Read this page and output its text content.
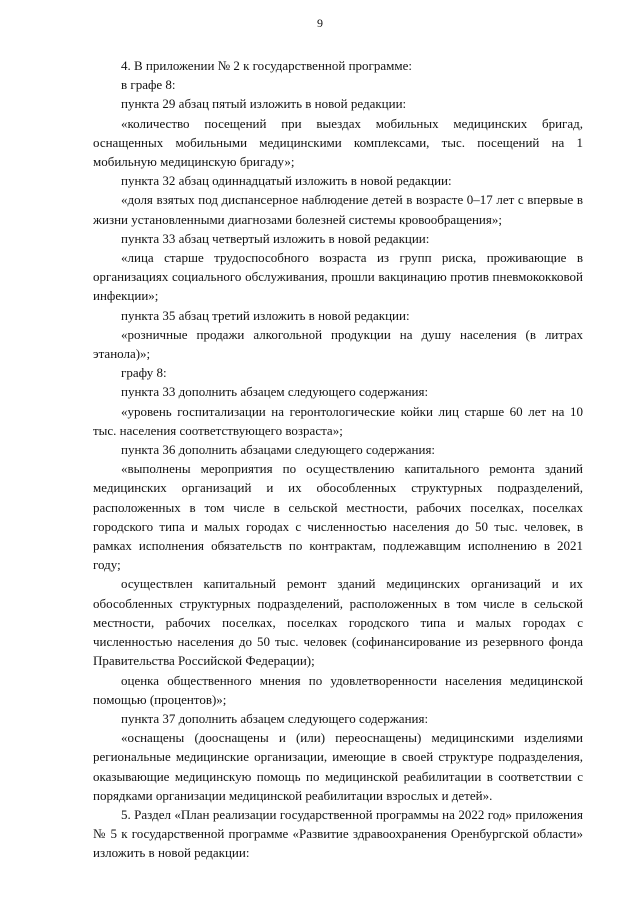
9

4. В приложении № 2 к государственной программе:

в графе 8:

пункта 29 абзац пятый изложить в новой редакции:

«количество посещений при выездах мобильных медицинских бригад, оснащенных мобильными медицинскими комплексами, тыс. посещений на 1 мобильную медицинскую бригаду»;

пункта 32 абзац одиннадцатый изложить в новой редакции:

«доля взятых под диспансерное наблюдение детей в возрасте 0–17 лет с впервые в жизни установленными диагнозами болезней системы кровообращения»;

пункта 33 абзац четвертый изложить в новой редакции:

«лица старше трудоспособного возраста из групп риска, проживающие в организациях социального обслуживания, прошли вакцинацию против пневмококковой инфекции»;

пункта 35 абзац третий изложить в новой редакции:

«розничные продажи алкогольной продукции на душу населения (в литрах этанола)»;

графу 8:

пункта 33 дополнить абзацем следующего содержания:

«уровень госпитализации на геронтологические койки лиц старше 60 лет на 10 тыс. населения соответствующего возраста»;

пункта 36 дополнить абзацами следующего содержания:

«выполнены мероприятия по осуществлению капитального ремонта зданий медицинских организаций и их обособленных структурных подразделений, расположенных в том числе в сельской местности, рабочих поселках, поселках городского типа и малых городах с численностью населения до 50 тыс. человек, в рамках исполнения обязательств по контрактам, подлежавщим исполнению в 2021 году;

осуществлен капитальный ремонт зданий медицинских организаций и их обособленных структурных подразделений, расположенных в том числе в сельской местности, рабочих поселках, поселках городского типа и малых городах с численностью населения до 50 тыс. человек (софинансирование из резервного фонда Правительства Российской Федерации);

оценка общественного мнения по удовлетворенности населения медицинской помощью (процентов)»;

пункта 37 дополнить абзацем следующего содержания:

«оснащены (дооснащены и (или) переоснащены) медицинскими изделиями региональные медицинские организации, имеющие в своей структуре подразделения, оказывающие медицинскую помощь по медицинской реабилитации в соответствии с порядками организации медицинской реабилитации взрослых и детей».

5. Раздел «План реализации государственной программы на 2022 год» приложения № 5 к государственной программе «Развитие здравоохранения Оренбургской области» изложить в новой редакции:
